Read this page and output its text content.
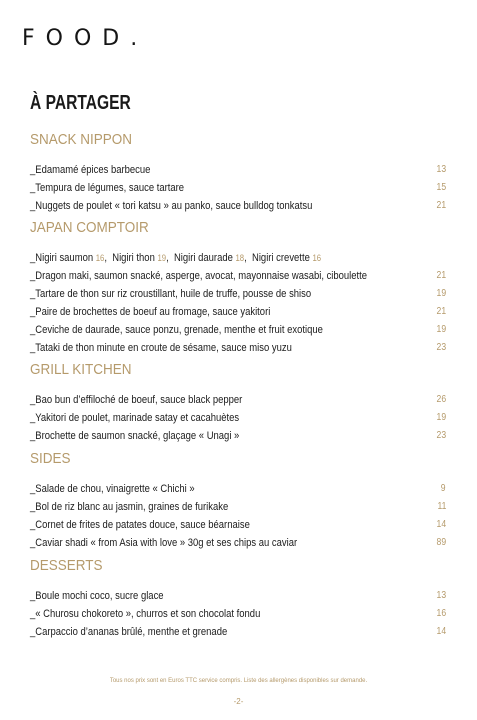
FOOD.
À PARTAGER
SNACK NIPPON
_Edamamé épices barbecue	13
_Tempura de légumes, sauce tartare	15
_Nuggets de poulet « tori katsu » au panko, sauce bulldog tonkatsu	21
JAPAN COMPTOIR
_Nigiri saumon 16,  Nigiri thon 19,  Nigiri daurade 18,  Nigiri crevette 16
_Dragon maki, saumon snacké, asperge, avocat, mayonnaise wasabi, ciboulette	21
_Tartare de thon sur riz croustillant, huile de truffe, pousse de shiso	19
_Paire de brochettes de boeuf au fromage, sauce yakitori	21
_Ceviche de daurade, sauce ponzu, grenade, menthe et fruit exotique	19
_Tataki de thon minute en croute de sésame, sauce miso yuzu	23
GRILL KITCHEN
_Bao bun d’effiloché de boeuf, sauce black pepper	26
_Yakitori de poulet, marinade satay et cacahuètes	19
_Brochette de saumon snacké, glaçage « Unagi »	23
SIDES
_Salade de chou, vinaigrette « Chichi »	9
_Bol de riz blanc au jasmin, graines de furikake	11
_Cornet de frites de patates douce, sauce béarnaise	14
_Caviar shadi « from Asia with love » 30g et ses chips au caviar	89
DESSERTS
_Boule mochi coco, sucre glace	13
_« Churosu chokoreto », churros et son chocolat fondu	16
_Carpaccio d’ananas brûlé, menthe et grenade	14
Tous nos prix sont en Euros TTC service compris. Liste des allergènes disponibles sur demande.
-2-
